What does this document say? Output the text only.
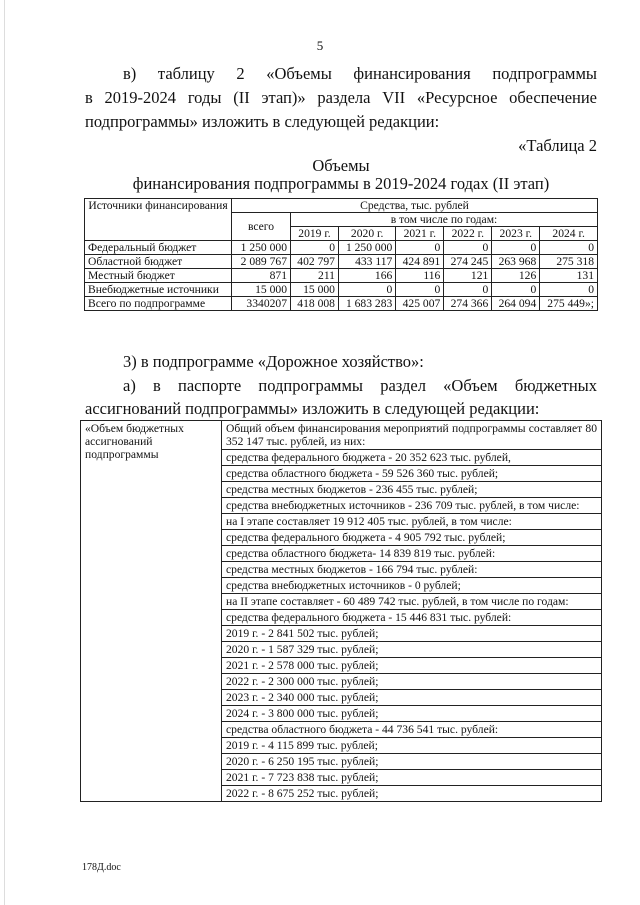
5
в) таблицу 2 «Объемы финансирования подпрограммы
в 2019-2024 годы (II этап)» раздела VII «Ресурсное обеспечение
подпрограммы» изложить в следующей редакции:
«Таблица 2
Объемы
финансирования подпрограммы в 2019-2024 годах (II этап)
Источники финансирования	Средства, тыс. рублей						
	всего	в том числе по годам:					
		2019 г.	2020 г.	2021 г.	2022 г.	2023 г.	2024 г.
Федеральный бюджет	1 250 000	0	1 250 000	0	0	0	0
Областной бюджет	2 089 767	402 797	433 117	424 891	274 245	263 968	275 318
Местный бюджет	871	211	166	116	121	126	131
Внебюджетные источники	15 000	15 000	0	0	0	0	0
Всего по подпрограмме	3340207	418 008	1 683 283	425 007	274 366	264 094	275 449»;
3) в подпрограмме «Дорожное хозяйство»:
а) в паспорте подпрограммы раздел «Объем бюджетных
ассигнований подпрограммы» изложить в следующей редакции:
«Объем бюджетных ассигнований подпрограммы	
Общий объем финансирования мероприятий подпрограммы составляет 80 352 147 тыс. рублей, из них:
средства федерального бюджета - 20 352 623 тыс. рублей,
средства областного бюджета - 59 526 360 тыс. рублей;
средства местных бюджетов - 236 455 тыс. рублей;
средства внебюджетных источников - 236 709 тыс. рублей, в том числе:
на I этапе составляет 19 912 405 тыс. рублей, в том числе:
средства федерального бюджета - 4 905 792 тыс. рублей;
средства областного бюджета- 14 839 819 тыс. рублей:
средства местных бюджетов - 166 794 тыс. рублей:
средства внебюджетных источников - 0 рублей;
на II этапе составляет - 60 489 742 тыс. рублей, в том числе по годам:
средства федерального бюджета - 15 446 831 тыс. рублей:
2019 г. - 2 841 502 тыс. рублей;
2020 г. - 1 587 329 тыс. рублей;
2021 г. - 2 578 000 тыс. рублей;
2022 г. - 2 300 000 тыс. рублей;
2023 г. - 2 340 000 тыс. рублей;
2024 г. - 3 800 000 тыс. рублей;
средства областного бюджета - 44 736 541 тыс. рублей:
2019 г. - 4 115 899 тыс. рублей;
2020 г. - 6 250 195 тыс. рублей;
2021 г. - 7 723 838 тыс. рублей;
2022 г. - 8 675 252 тыс. рублей;
178Д.doc
